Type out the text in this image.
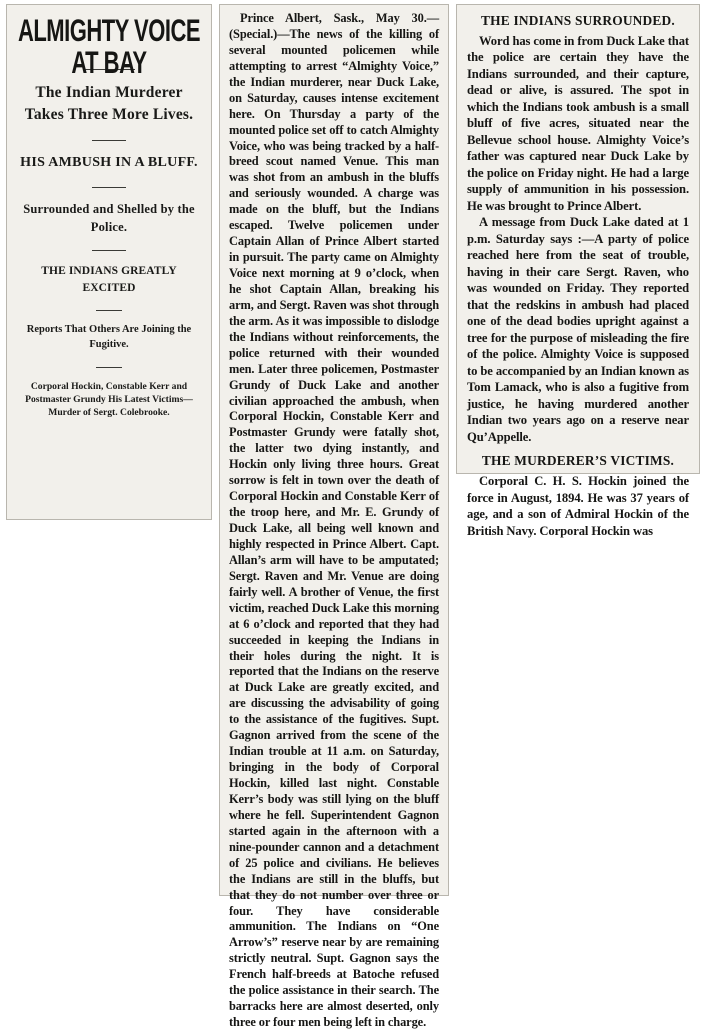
ALMIGHTY VOICE AT BAY
The Indian Murderer Takes Three More Lives.
HIS AMBUSH IN A BLUFF.
Surrounded and Shelled by the Police.
THE INDIANS GREATLY EXCITED
Reports That Others Are Joining the Fugitive.
Corporal Hockin, Constable Kerr and Postmaster Grundy His Latest Victims—Murder of Sergt. Colebrooke.

Prince Albert, Sask., May 30.—(Special.)—The news of the killing of several mounted policemen while attempting to arrest “Almighty Voice,” the Indian murderer, near Duck Lake, on Saturday, causes intense excitement here. On Thursday a party of the mounted police set off to catch Almighty Voice, who was being tracked by a half-breed scout named Venue. This man was shot from an ambush in the bluffs and seriously wounded. A charge was made on the bluff, but the Indians escaped. Twelve policemen under Captain Allan of Prince Albert started in pursuit. The party came on Almighty Voice next morning at 9 o’clock, when he shot Captain Allan, breaking his arm, and Sergt. Raven was shot through the arm. As it was impossible to dislodge the Indians without reinforcements, the police returned with their wounded men. Later three policemen, Postmaster Grundy of Duck Lake and another civilian approached the ambush, when Corporal Hockin, Constable Kerr and Postmaster Grundy were fatally shot, the latter two dying instantly, and Hockin only living three hours. Great sorrow is felt in town over the death of Corporal Hockin and Constable Kerr of the troop here, and Mr. E. Grundy of Duck Lake, all being well known and highly respected in Prince Albert. Capt. Allan’s arm will have to be amputated; Sergt. Raven and Mr. Venue are doing fairly well. A brother of Venue, the first victim, reached Duck Lake this morning at 6 o’clock and reported that they had succeeded in keeping the Indians in their holes during the night. It is reported that the Indians on the reserve at Duck Lake are greatly excited, and are discussing the advisability of going to the assistance of the fugitives. Supt. Gagnon arrived from the scene of the Indian trouble at 11 a.m. on Saturday, bringing in the body of Corporal Hockin, killed last night. Constable Kerr’s body was still lying on the bluff where he fell. Superintendent Gagnon started again in the afternoon with a nine-pounder cannon and a detachment of 25 police and civilians. He believes the Indians are still in the bluffs, but that they do not number over three or four. They have considerable ammunition. The Indians on “One Arrow’s” reserve near by are remaining strictly neutral. Supt. Gagnon says the French half-breeds at Batoche refused the police assistance in their search. The barracks here are almost deserted, only three or four men being left in charge.

THE INDIANS SURROUNDED.

Word has come in from Duck Lake that the police are certain they have the Indians surrounded, and their capture, dead or alive, is assured. The spot in which the Indians took ambush is a small bluff of five acres, situated near the Bellevue school house. Almighty Voice’s father was captured near Duck Lake by the police on Friday night. He had a large supply of ammunition in his possession. He was brought to Prince Albert.

A message from Duck Lake dated at 1 p.m. Saturday says :—A party of police reached here from the seat of trouble, having in their care Sergt. Raven, who was wounded on Friday. They reported that the redskins in ambush had placed one of the dead bodies upright against a tree for the purpose of misleading the fire of the police. Almighty Voice is supposed to be accompanied by an Indian known as Tom Lamack, who is also a fugitive from justice, he having murdered another Indian two years ago on a reserve near Qu’Appelle.

THE MURDERER’S VICTIMS.

Corporal C. H. S. Hockin joined the force in August, 1894. He was 37 years of age, and a son of Admiral Hockin of the British Navy. Corporal Hockin was
